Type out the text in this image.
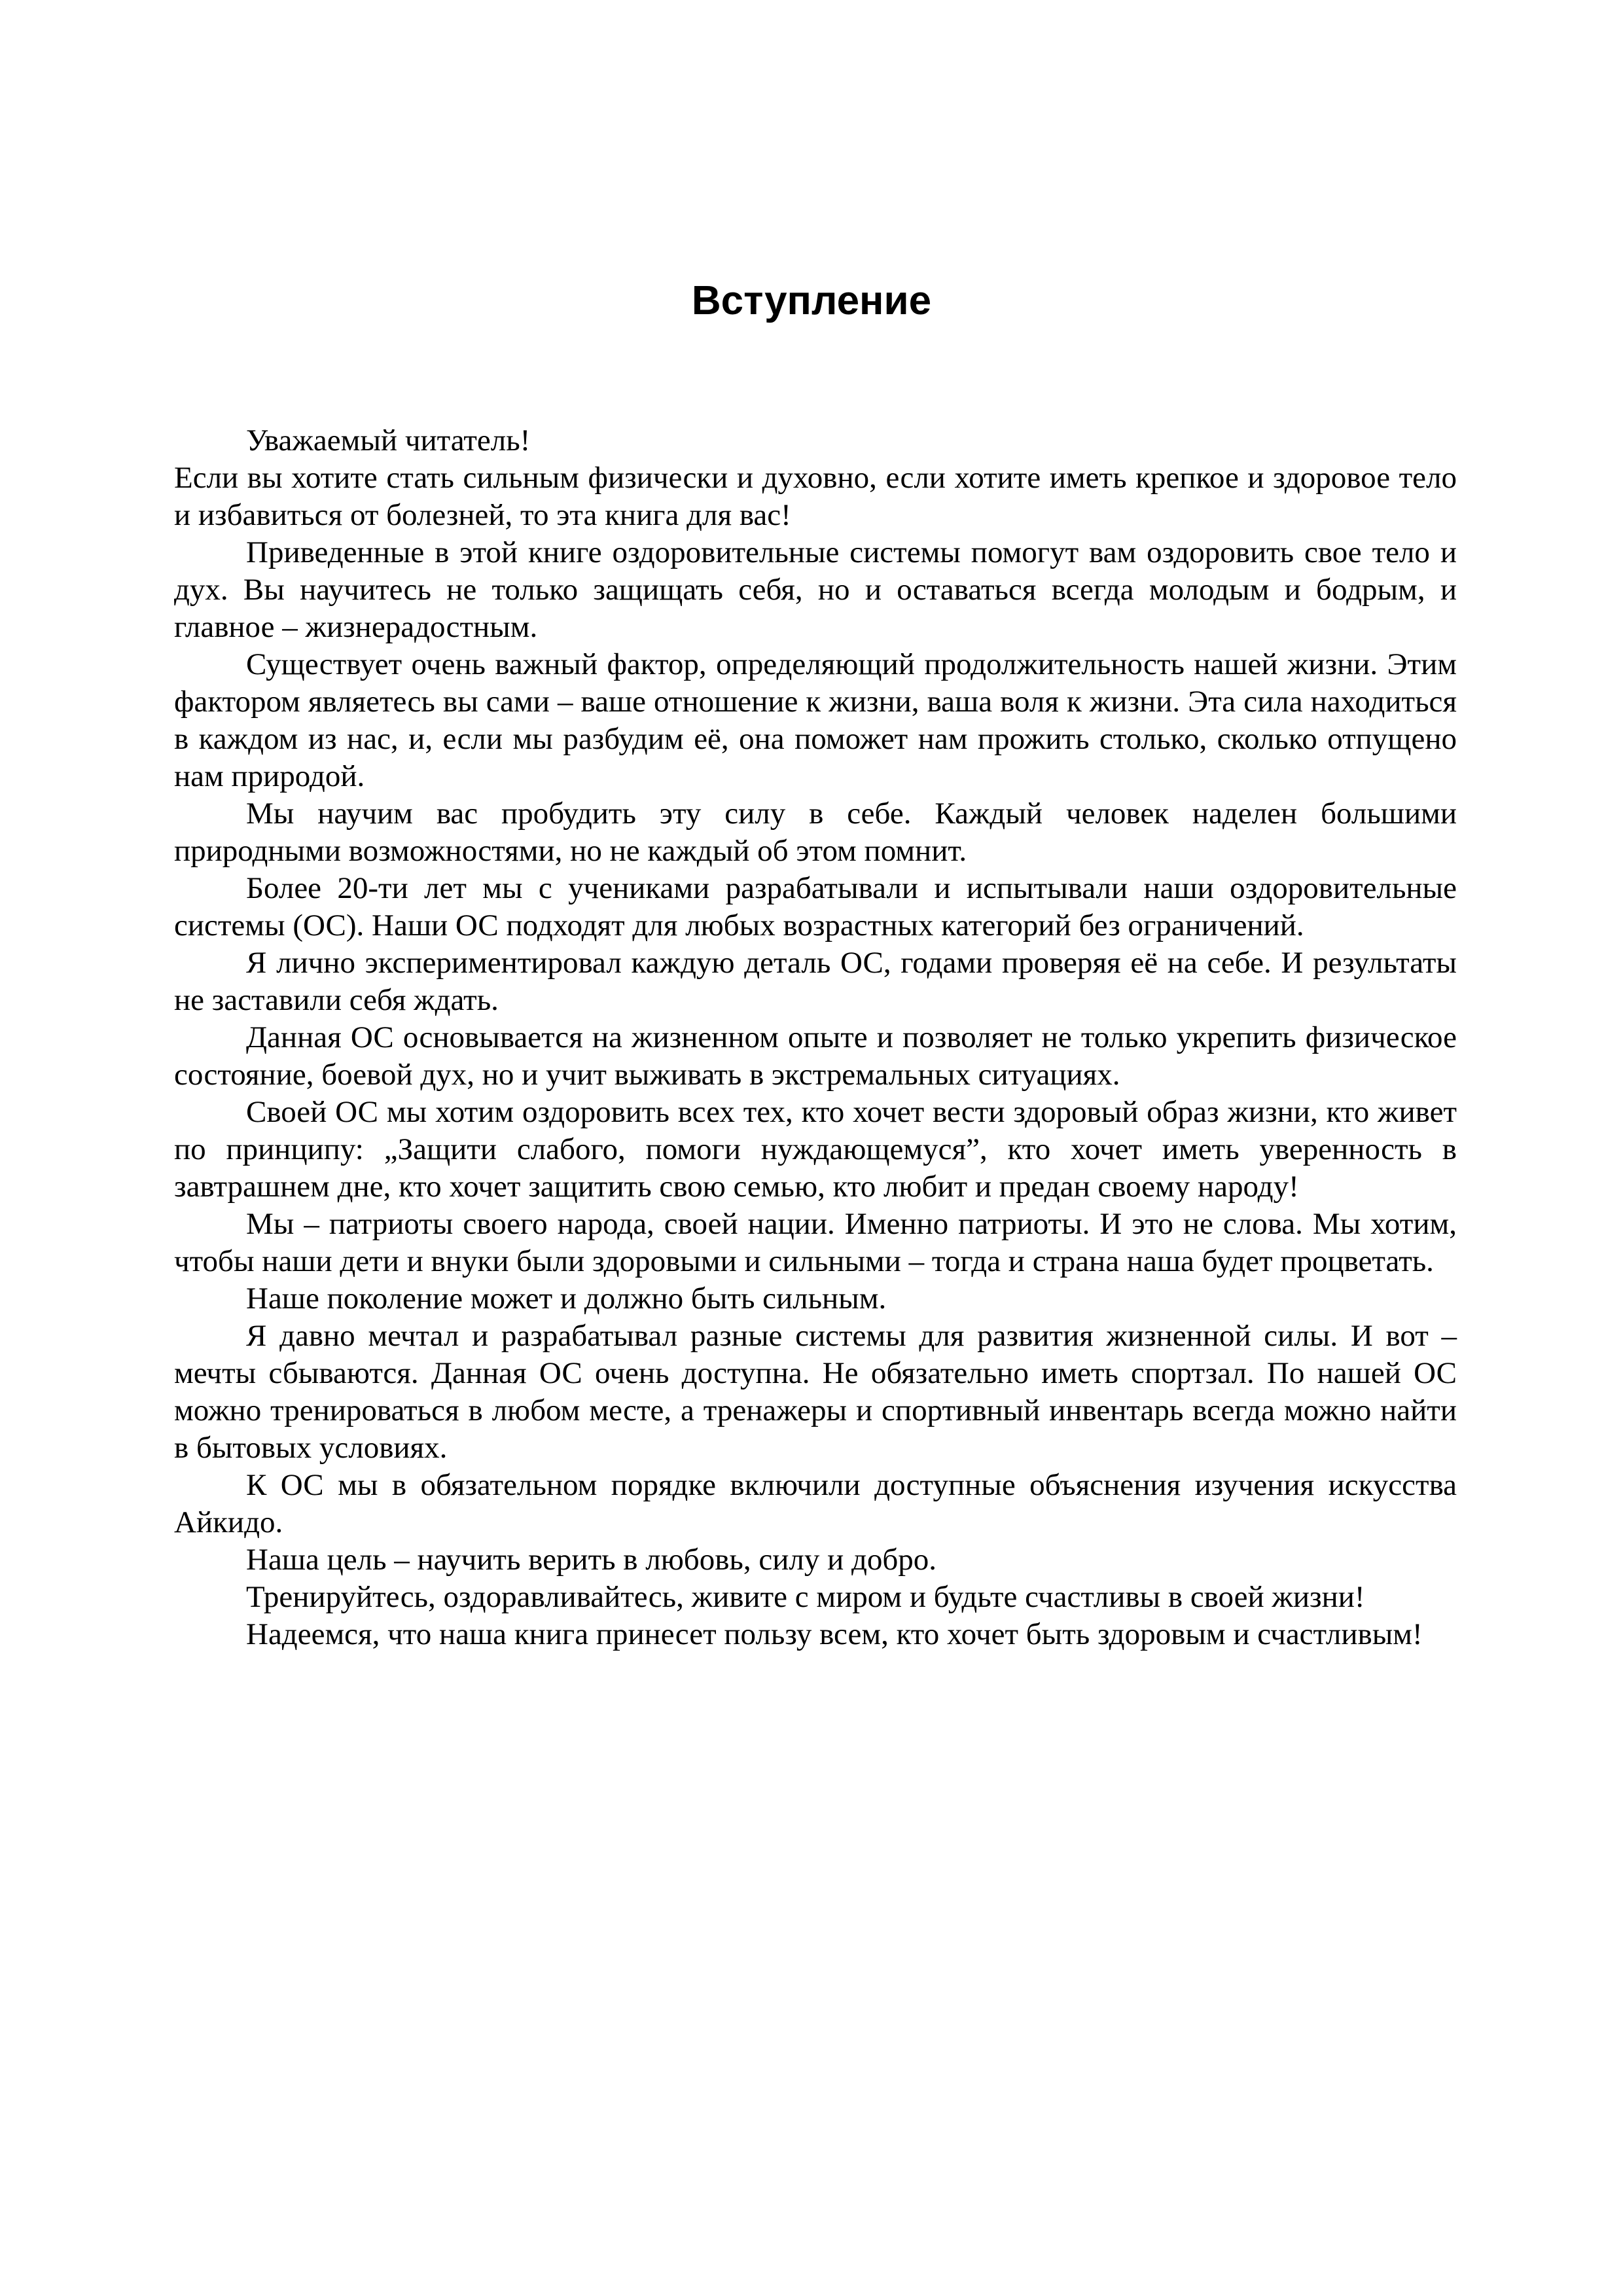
Вступление

Уважаемый читатель!

Если вы хотите стать сильным физически и духовно, если хотите иметь крепкое и здоровое тело и избавиться от болезней, то эта книга для вас!

Приведенные в этой книге оздоровительные системы помогут вам оздоровить свое тело и дух. Вы научитесь не только защищать себя, но и оставаться всегда молодым и бодрым, и главное – жизнерадостным.

Существует очень важный фактор, определяющий продолжительность нашей жизни. Этим фактором являетесь вы сами – ваше отношение к жизни, ваша воля к жизни. Эта сила находиться в каждом из нас, и, если мы разбудим её, она поможет нам прожить столько, сколько отпущено нам природой.

Мы научим вас пробудить эту силу в себе. Каждый человек наделен большими природными возможностями, но не каждый об этом помнит.

Более 20-ти лет мы с учениками разрабатывали и испытывали наши оздоровительные системы (ОС). Наши ОС подходят для любых возрастных категорий без ограничений.

Я лично экспериментировал каждую деталь ОС, годами проверяя её на себе. И результаты не заставили себя ждать.

Данная ОС основывается на жизненном опыте и позволяет не только укрепить физическое состояние, боевой дух, но и учит выживать в экстремальных ситуациях.

Своей ОС мы хотим оздоровить всех тех, кто хочет вести здоровый образ жизни, кто живет по принципу: „Защити слабого, помоги нуждающемуся”, кто хочет иметь уверенность в завтрашнем дне, кто хочет защитить свою семью, кто любит и предан своему народу!

Мы – патриоты своего народа, своей нации. Именно патриоты. И это не слова. Мы хотим, чтобы наши дети и внуки были здоровыми и сильными – тогда и страна наша будет процветать.

Наше поколение может и должно быть сильным.

Я давно мечтал и разрабатывал разные системы для развития жизненной силы. И вот – мечты сбываются. Данная ОС очень доступна. Не обязательно иметь спортзал. По нашей ОС можно тренироваться в любом месте, а тренажеры и спортивный инвентарь всегда можно найти в бытовых условиях.

К ОС мы в обязательном порядке включили доступные объяснения изучения искусства Айкидо.

Наша цель – научить верить в любовь, силу и добро.

Тренируйтесь, оздоравливайтесь, живите с миром и будьте счастливы в своей жизни!

Надеемся, что наша книга принесет пользу всем, кто хочет быть здоровым и счастливым!
